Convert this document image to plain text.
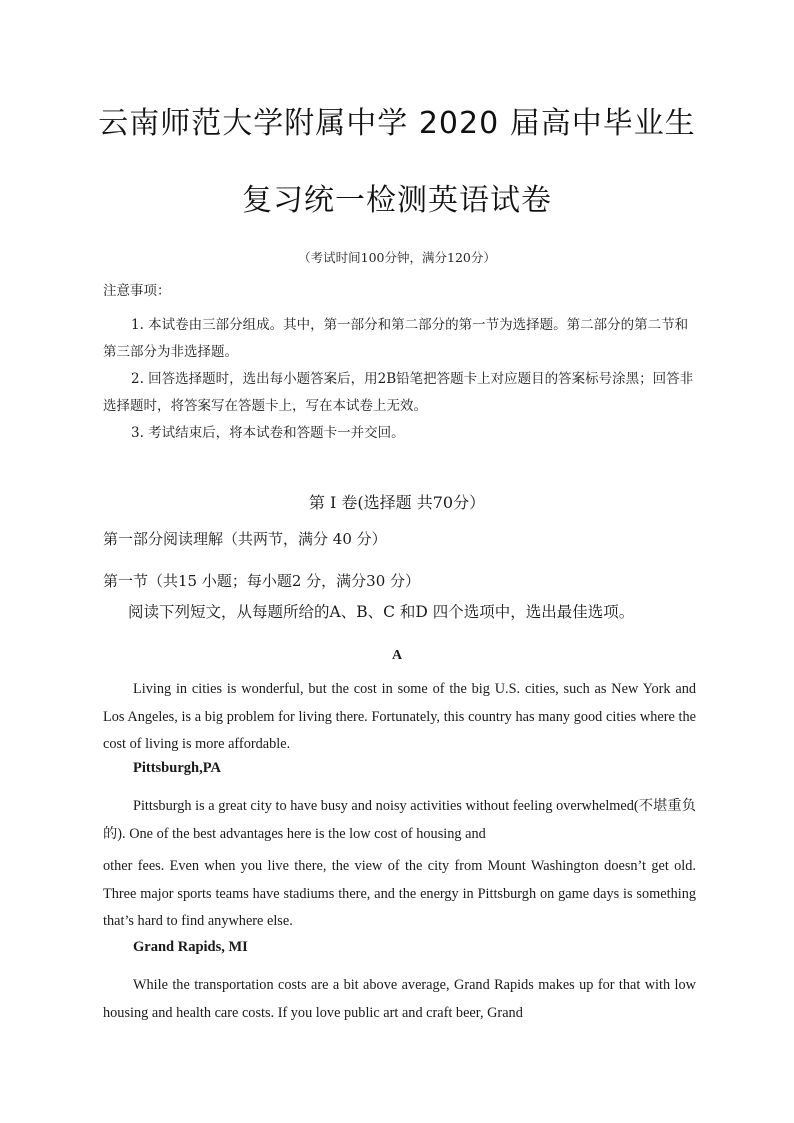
云南师范大学附属中学 2020 届高中毕业生
复习统一检测英语试卷
（考试时间100分钟，满分120分）
注意事项：

1. 本试卷由三部分组成。其中，第一部分和第二部分的第一节为选择题。第二部分的第二节和第三部分为非选择题。

2. 回答选择题时，选出每小题答案后，用2B铅笔把答题卡上对应题目的答案标号涂黑；回答非选择题时，将答案写在答题卡上，写在本试卷上无效。

3. 考试结束后，将本试卷和答题卡一并交回。

第 I 卷(选择题 共70分）
第一部分阅读理解（共两节，满分 40 分）
第一节（共15 小题；每小题2 分，满分30 分）
阅读下列短文，从每题所给的A、B、C 和D 四个选项中，选出最佳选项。
A
Living in cities is wonderful, but the cost in some of the big U.S. cities, such as New York and Los Angeles, is a big problem for living there. Fortunately, this country has many good cities where the cost of living is more affordable.
Pittsburgh,PA
Pittsburgh is a great city to have busy and noisy activities without feeling overwhelmed(不堪重负的). One of the best advantages here is the low cost of housing and
other fees. Even when you live there, the view of the city from Mount Washington doesn’t get old. Three major sports teams have stadiums there, and the energy in Pittsburgh on game days is something that’s hard to find anywhere else.
Grand Rapids, MI
While the transportation costs are a bit above average, Grand Rapids makes up for that with low housing and health care costs. If you love public art and craft beer, Grand
